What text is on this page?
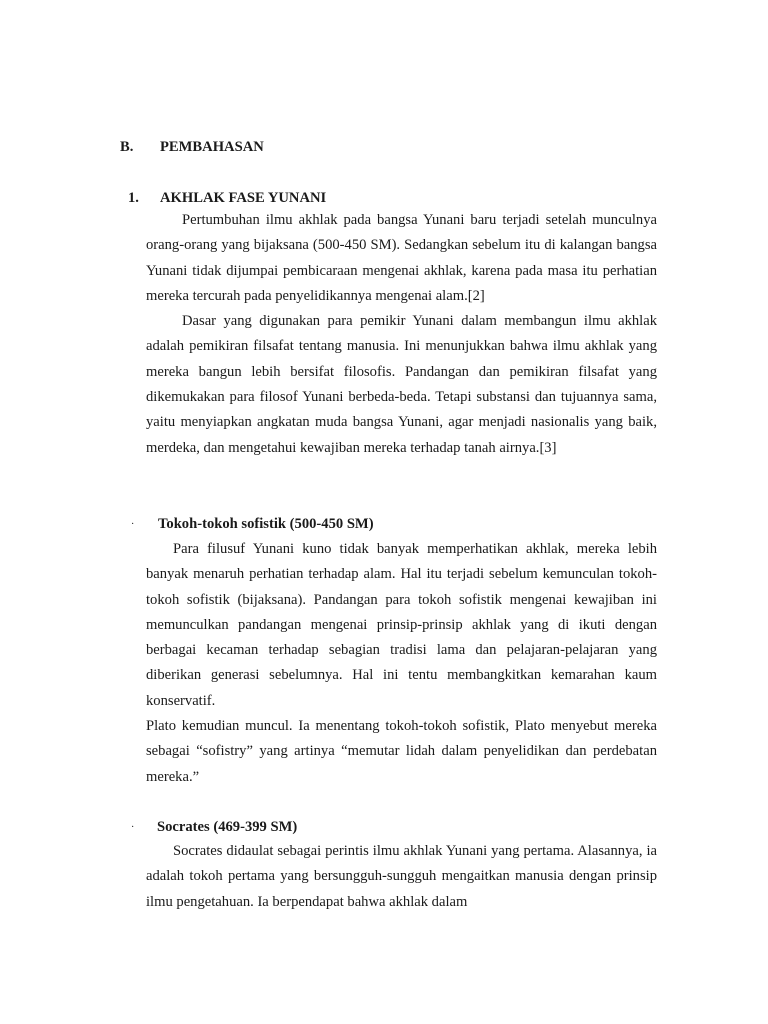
B. PEMBAHASAN
1. AKHLAK FASE YUNANI

Pertumbuhan ilmu akhlak pada bangsa Yunani baru terjadi setelah munculnya orang-orang yang bijaksana (500-450 SM). Sedangkan sebelum itu di kalangan bangsa Yunani tidak dijumpai pembicaraan mengenai akhlak, karena pada masa itu perhatian mereka tercurah pada penyelidikannya mengenai alam.[2]

Dasar yang digunakan para pemikir Yunani dalam membangun ilmu akhlak adalah pemikiran filsafat tentang manusia. Ini menunjukkan bahwa ilmu akhlak yang mereka bangun lebih bersifat filosofis. Pandangan dan pemikiran filsafat yang dikemukakan para filosof Yunani berbeda-beda. Tetapi substansi dan tujuannya sama, yaitu menyiapkan angkatan muda bangsa Yunani, agar menjadi nasionalis yang baik, merdeka, dan mengetahui kewajiban mereka terhadap tanah airnya.[3]

· Tokoh-tokoh sofistik (500-450 SM)

Para filusuf Yunani kuno tidak banyak memperhatikan akhlak, mereka lebih banyak menaruh perhatian terhadap alam. Hal itu terjadi sebelum kemunculan tokoh-tokoh sofistik (bijaksana). Pandangan para tokoh sofistik mengenai kewajiban ini memunculkan pandangan mengenai prinsip-prinsip akhlak yang di ikuti dengan berbagai kecaman terhadap sebagian tradisi lama dan pelajaran-pelajaran yang diberikan generasi sebelumnya. Hal ini tentu membangkitkan kemarahan kaum konservatif.

Plato kemudian muncul. Ia menentang tokoh-tokoh sofistik, Plato menyebut mereka sebagai “sofistry” yang artinya “memutar lidah dalam penyelidikan dan perdebatan mereka.”

· Socrates (469-399 SM)

Socrates didaulat sebagai perintis ilmu akhlak Yunani yang pertama. Alasannya, ia adalah tokoh pertama yang bersungguh-sungguh mengaitkan manusia dengan prinsip ilmu pengetahuan. Ia berpendapat bahwa akhlak dalam
